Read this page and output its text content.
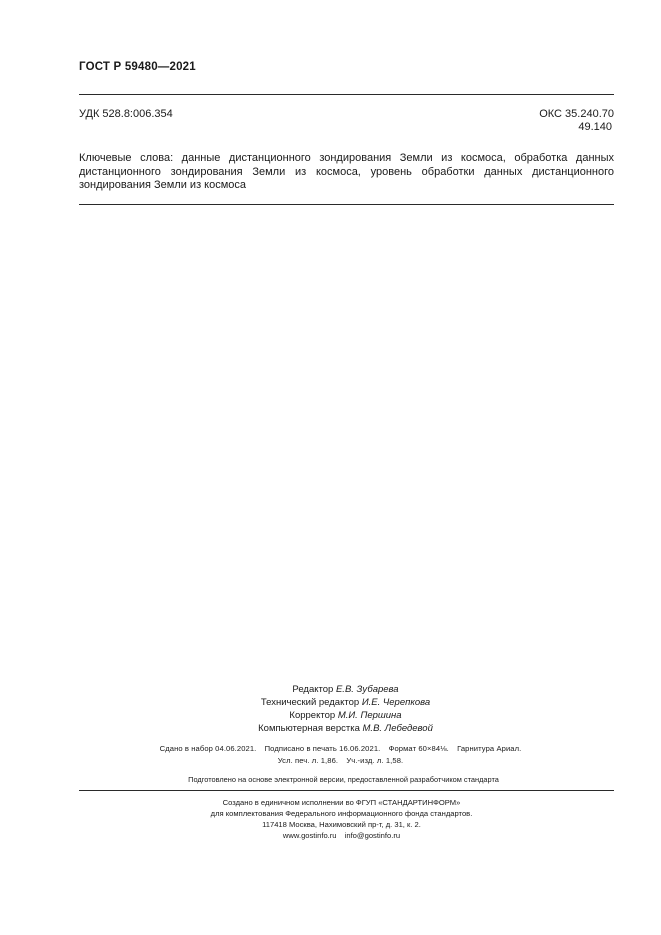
ГОСТ Р 59480—2021
УДК 528.8:006.354	ОКС 35.240.70
49.140
Ключевые слова: данные дистанционного зондирования Земли из космоса, обработка данных дистанционного зондирования Земли из космоса, уровень обработки данных дистанционного зондирования Земли из космоса
Редактор Е.В. Зубарева
Технический редактор И.Е. Черепкова
Корректор М.И. Першина
Компьютерная верстка М.В. Лебедевой
Сдано в набор 04.06.2021. Подписано в печать 16.06.2021. Формат 60×84⅛. Гарнитура Ариал.
Усл. печ. л. 1,86. Уч.-изд. л. 1,58.
Подготовлено на основе электронной версии, предоставленной разработчиком стандарта
Создано в единичном исполнении во ФГУП «СТАНДАРТИНФОРМ»
для комплектования Федерального информационного фонда стандартов.
117418 Москва, Нахимовский пр-т, д. 31, к. 2.
www.gostinfo.ru info@gostinfo.ru
